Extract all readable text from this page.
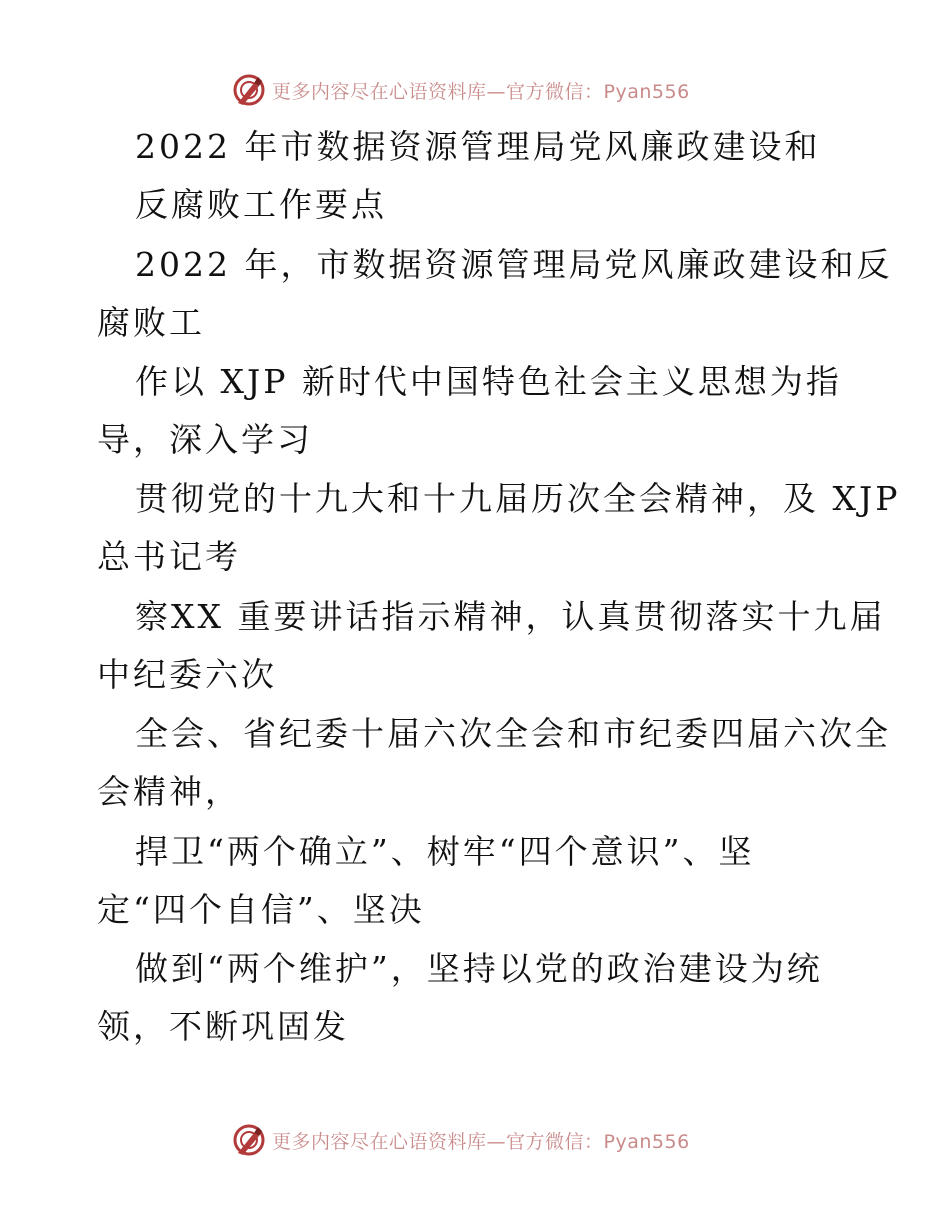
更多内容尽在心语资料库—官方微信：Pyan556
2022 年市数据资源管理局党风廉政建设和
反腐败工作要点
2022 年，市数据资源管理局党风廉政建设和反
腐败工
作以 XJP 新时代中国特色社会主义思想为指
导，深入学习
贯彻党的十九大和十九届历次全会精神，及 XJP
总书记考
察XX 重要讲话指示精神，认真贯彻落实十九届
中纪委六次
全会、省纪委十届六次全会和市纪委四届六次全
会精神，
捍卫“两个确立”、树牢“四个意识”、坚
定“四个自信”、坚决
做到“两个维护”，坚持以党的政治建设为统
领，不断巩固发
更多内容尽在心语资料库—官方微信：Pyan556
